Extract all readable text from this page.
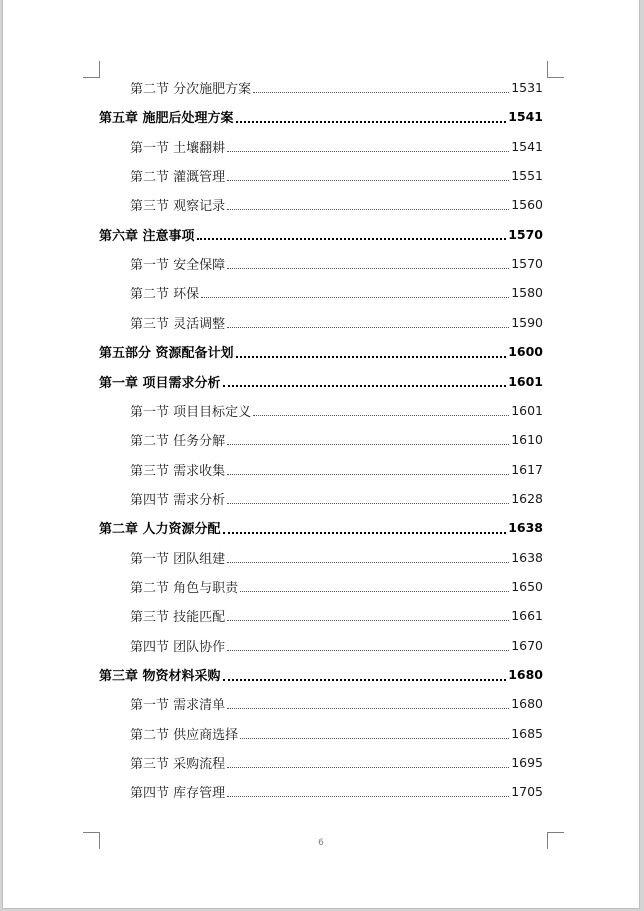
第二节 分次施肥方案	1531
第五章 施肥后处理方案	1541
第一节 土壤翻耕	1541
第二节 灌溉管理	1551
第三节 观察记录	1560
第六章 注意事项	1570
第一节 安全保障	1570
第二节 环保	1580
第三节 灵活调整	1590
第五部分 资源配备计划	1600
第一章 项目需求分析	1601
第一节 项目目标定义	1601
第二节 任务分解	1610
第三节 需求收集	1617
第四节 需求分析	1628
第二章 人力资源分配	1638
第一节 团队组建	1638
第二节 角色与职责	1650
第三节 技能匹配	1661
第四节 团队协作	1670
第三章 物资材料采购	1680
第一节 需求清单	1680
第二节 供应商选择	1685
第三节 采购流程	1695
第四节 库存管理	1705
6
